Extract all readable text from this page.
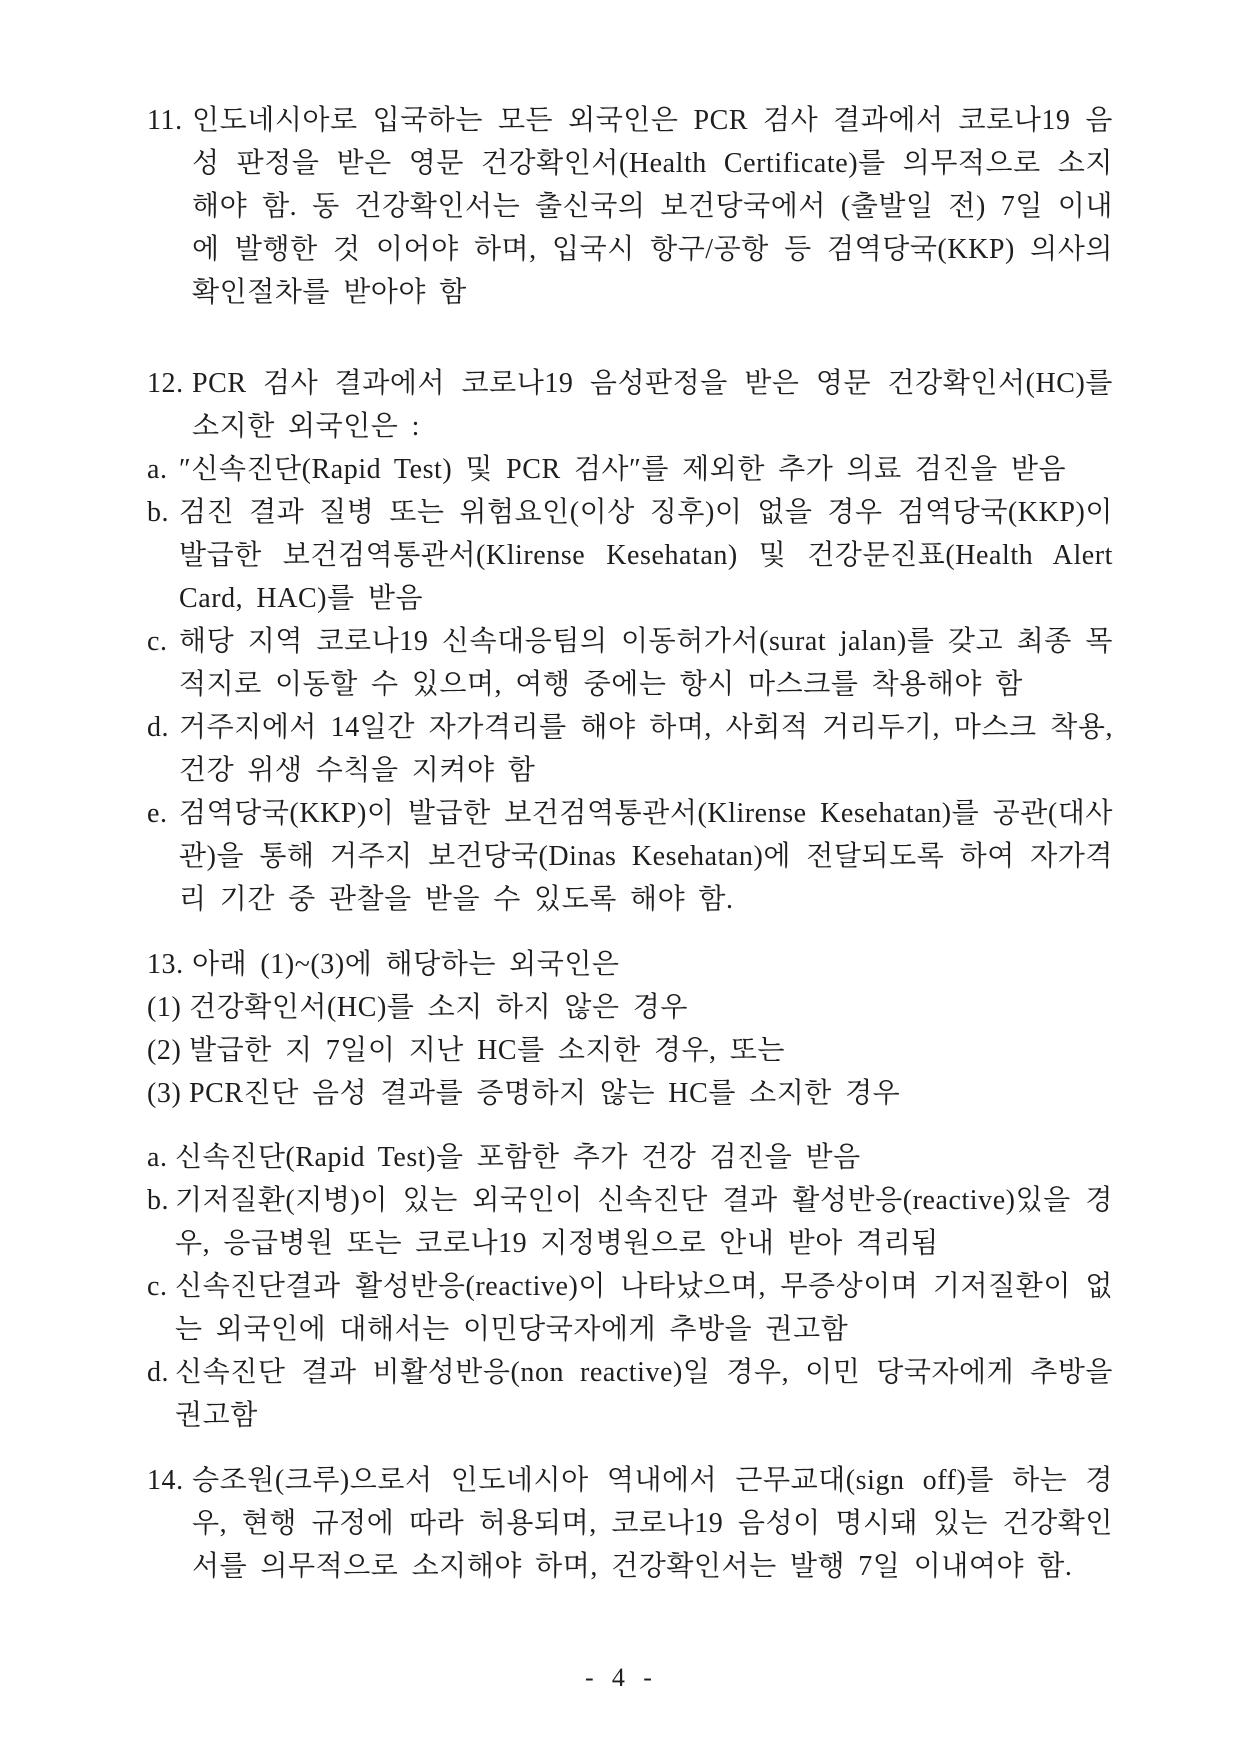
11. 인도네시아로 입국하는 모든 외국인은 PCR 검사 결과에서 코로나19 음성 판정을 받은 영문 건강확인서(Health Certificate)를 의무적으로 소지해야 함. 동 건강확인서는 출신국의 보건당국에서 (출발일 전) 7일 이내에 발행한 것 이어야 하며, 입국시 항구/공항 등 검역당국(KKP) 의사의 확인절차를 받아야 함

12. PCR 검사 결과에서 코로나19 음성판정을 받은 영문 건강확인서(HC)를 소지한 외국인은 :

a. ″신속진단(Rapid Test) 및 PCR 검사″를 제외한 추가 의료 검진을 받음

b. 검진 결과 질병 또는 위험요인(이상 징후)이 없을 경우 검역당국(KKP)이 발급한 보건검역통관서(Klirense Kesehatan) 및 건강문진표(Health Alert Card, HAC)를 받음

c. 해당 지역 코로나19 신속대응팀의 이동허가서(surat jalan)를 갖고 최종 목적지로 이동할 수 있으며, 여행 중에는 항시 마스크를 착용해야 함

d. 거주지에서 14일간 자가격리를 해야 하며, 사회적 거리두기, 마스크 착용, 건강 위생 수칙을 지켜야 함

e. 검역당국(KKP)이 발급한 보건검역통관서(Klirense Kesehatan)를 공관(대사관)을 통해 거주지 보건당국(Dinas Kesehatan)에 전달되도록 하여 자가격리 기간 중 관찰을 받을 수 있도록 해야 함.

13. 아래 (1)~(3)에 해당하는 외국인은

(1) 건강확인서(HC)를 소지 하지 않은 경우

(2) 발급한 지 7일이 지난 HC를 소지한 경우, 또는

(3) PCR진단 음성 결과를 증명하지 않는 HC를 소지한 경우

a. 신속진단(Rapid Test)을 포함한 추가 건강 검진을 받음

b. 기저질환(지병)이 있는 외국인이 신속진단 결과 활성반응(reactive)있을 경우, 응급병원 또는 코로나19 지정병원으로 안내 받아 격리됨

c. 신속진단결과 활성반응(reactive)이 나타났으며, 무증상이며 기저질환이 없는 외국인에 대해서는 이민당국자에게 추방을 권고함

d. 신속진단 결과 비활성반응(non reactive)일 경우, 이민 당국자에게 추방을 권고함

14. 승조원(크루)으로서 인도네시아 역내에서 근무교대(sign off)를 하는 경우, 현행 규정에 따라 허용되며, 코로나19 음성이 명시돼 있는 건강확인서를 의무적으로 소지해야 하며, 건강확인서는 발행 7일 이내여야 함.

- 4 -
